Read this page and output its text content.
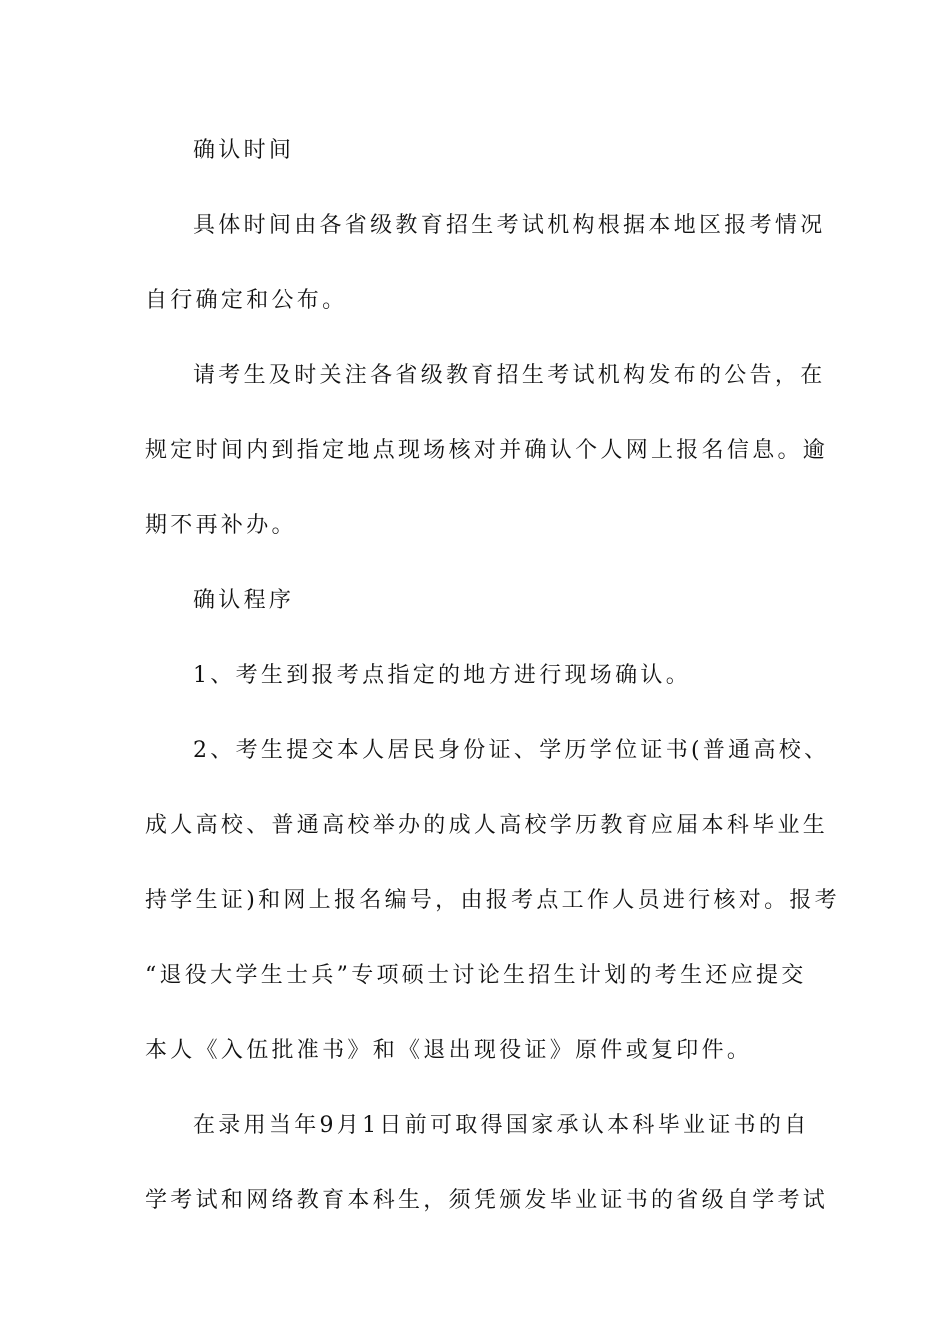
确认时间
具体时间由各省级教育招生考试机构根据本地区报考情况
自行确定和公布。
请考生及时关注各省级教育招生考试机构发布的公告，在
规定时间内到指定地点现场核对并确认个人网上报名信息。逾
期不再补办。
确认程序
1、考生到报考点指定的地方进行现场确认。
2、考生提交本人居民身份证、学历学位证书(普通高校、
成人高校、普通高校举办的成人高校学历教育应届本科毕业生
持学生证)和网上报名编号，由报考点工作人员进行核对。报考
“退役大学生士兵”专项硕士讨论生招生计划的考生还应提交
本人《入伍批准书》和《退出现役证》原件或复印件。
在录用当年9月1日前可取得国家承认本科毕业证书的自
学考试和网络教育本科生，须凭颁发毕业证书的省级自学考试
